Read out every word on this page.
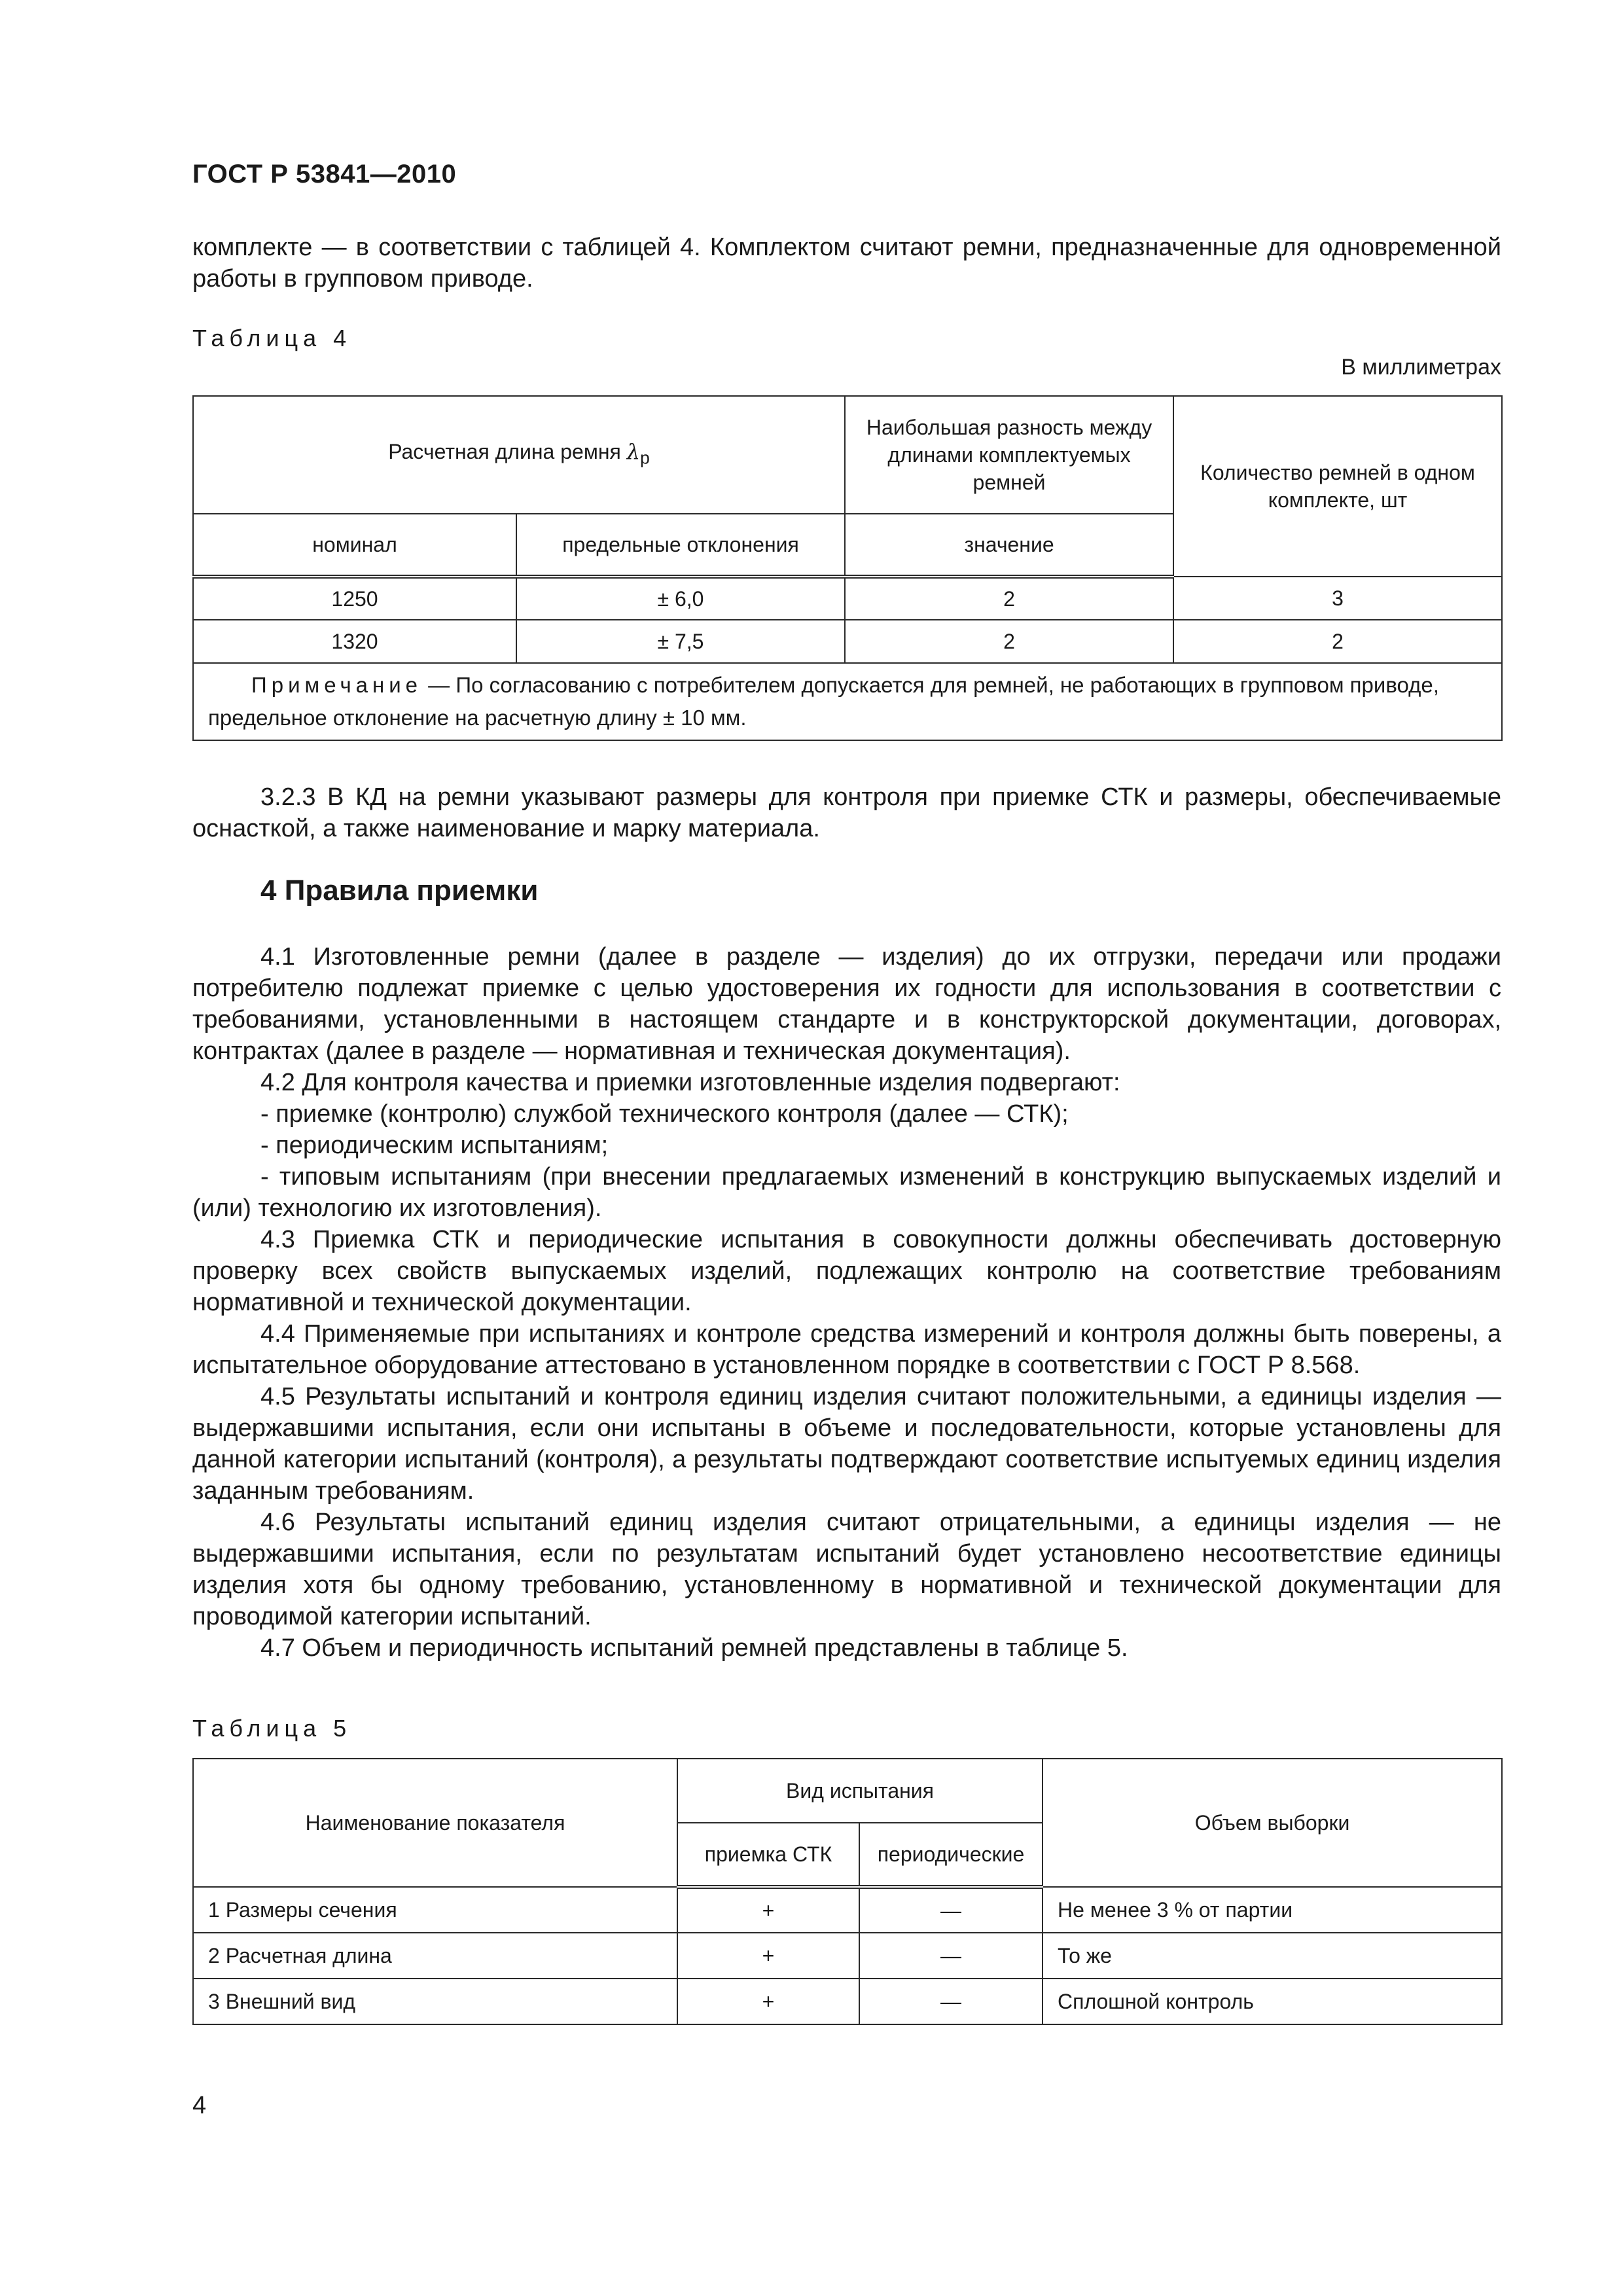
ГОСТ Р 53841—2010
комплекте — в соответствии с таблицей 4. Комплектом считают ремни, предназначенные для одновременной работы в групповом приводе.
Таблица 4
В миллиметрах
Расчетная длина ремня $\lambda_р$		Наибольшая разность между длинами комплектуемых ремней	Количество ремней в одном комплекте, шт
номинал	предельные отклонения	значение	
1250	± 6,0	2	3
1320	± 7,5	2	2
Примечание — По согласованию с потребителем допускается для ремней, не работающих в групповом приводе, предельное отклонение на расчетную длину ± 10 мм.			
3.2.3 В КД на ремни указывают размеры для контроля при приемке СТК и размеры, обеспечиваемые оснасткой, а также наименование и марку материала.
4 Правила приемки
4.1 Изготовленные ремни (далее в разделе — изделия) до их отгрузки, передачи или продажи потребителю подлежат приемке с целью удостоверения их годности для использования в соответствии с требованиями, установленными в настоящем стандарте и в конструкторской документации, договорах, контрактах (далее в разделе — нормативная и техническая документация).
4.2 Для контроля качества и приемки изготовленные изделия подвергают:
- приемке (контролю) службой технического контроля (далее — СТК);
- периодическим испытаниям;
- типовым испытаниям (при внесении предлагаемых изменений в конструкцию выпускаемых изделий и (или) технологию их изготовления).
4.3 Приемка СТК и периодические испытания в совокупности должны обеспечивать достоверную проверку всех свойств выпускаемых изделий, подлежащих контролю на соответствие требованиям нормативной и технической документации.
4.4 Применяемые при испытаниях и контроле средства измерений и контроля должны быть поверены, а испытательное оборудование аттестовано в установленном порядке в соответствии с ГОСТ Р 8.568.
4.5 Результаты испытаний и контроля единиц изделия считают положительными, а единицы изделия — выдержавшими испытания, если они испытаны в объеме и последовательности, которые установлены для данной категории испытаний (контроля), а результаты подтверждают соответствие испытуемых единиц изделия заданным требованиям.
4.6 Результаты испытаний единиц изделия считают отрицательными, а единицы изделия — не выдержавшими испытания, если по результатам испытаний будет установлено несоответствие единицы изделия хотя бы одному требованию, установленному в нормативной и технической документации для проводимой категории испытаний.
4.7 Объем и периодичность испытаний ремней представлены в таблице 5.
Таблица 5
Наименование показателя	Вид испытания		Объем выборки
	приемка СТК	периодические	
1 Размеры сечения	+	—	Не менее 3 % от партии
2 Расчетная длина	+	—	То же
3 Внешний вид	+	—	Сплошной контроль
4
